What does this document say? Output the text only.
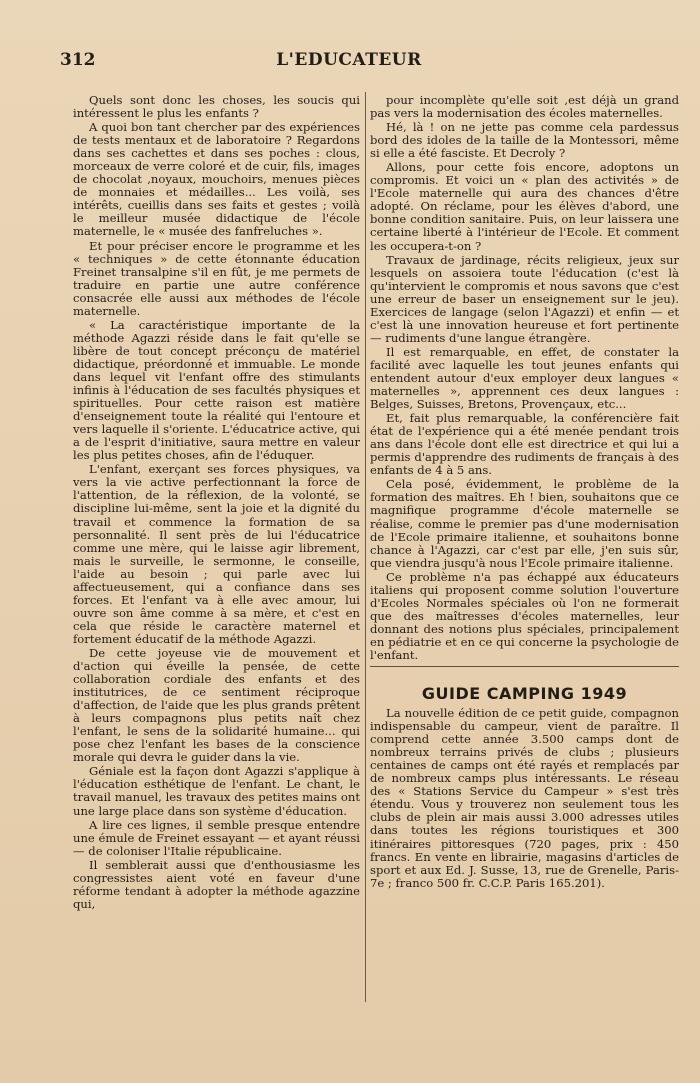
312	L'EDUCATEUR

Quels sont donc les choses, les soucis qui intéressent le plus les enfants ?

A quoi bon tant chercher par des expériences de tests mentaux et de laboratoire ? Regardons dans ses cachettes et dans ses poches : clous, morceaux de verre coloré et de cuir, fils, images de chocolat ,noyaux, mouchoirs, menues pièces de monnaies et médailles... Les voilà, ses intérêts, cueillis dans ses faits et gestes ; voilà le meilleur musée didactique de l'école maternelle, le « musée des fanfreluches ».

Et pour préciser encore le programme et les « techniques » de cette étonnante éducation Freinet transalpine s'il en fût, je me permets de traduire en partie une autre conférence consacrée elle aussi aux méthodes de l'école maternelle.

« La caractéristique importante de la méthode Agazzi réside dans le fait qu'elle se libère de tout concept préconçu de matériel didactique, préordonné et immuable. Le monde dans lequel vit l'enfant offre des stimulants infinis à l'éducation de ses facultés physiques et spirituelles. Pour cette raison est matière d'enseignement toute la réalité qui l'entoure et vers laquelle il s'oriente. L'éducatrice active, qui a de l'esprit d'initiative, saura mettre en valeur les plus petites choses, afin de l'éduquer.

L'enfant, exerçant ses forces physiques, va vers la vie active perfectionnant la force de l'attention, de la réflexion, de la volonté, se discipline lui-même, sent la joie et la dignité du travail et commence la formation de sa personnalité. Il sent près de lui l'éducatrice comme une mère, qui le laisse agir librement, mais le surveille, le sermonne, le conseille, l'aide au besoin ; qui parle avec lui affectueusement, qui a confiance dans ses forces. Et l'enfant va à elle avec amour, lui ouvre son âme comme à sa mère, et c'est en cela que réside le caractère maternel et fortement éducatif de la méthode Agazzi.

De cette joyeuse vie de mouvement et d'action qui éveille la pensée, de cette collaboration cordiale des enfants et des institutrices, de ce sentiment réciproque d'affection, de l'aide que les plus grands prêtent à leurs compagnons plus petits naît chez l'enfant, le sens de la solidarité humaine... qui pose chez l'enfant les bases de la conscience morale qui devra le guider dans la vie.

Géniale est la façon dont Agazzi s'applique à l'éducation esthétique de l'enfant. Le chant, le travail manuel, les travaux des petites mains ont une large place dans son système d'éducation.

A lire ces lignes, il semble presque entendre une émule de Freinet essayant — et ayant réussi — de coloniser l'Italie républicaine.

Il semblerait aussi que d'enthousiasme les congressistes aient voté en faveur d'une réforme tendant à adopter la méthode agazzine qui,

pour incomplète qu'elle soit ,est déjà un grand pas vers la modernisation des écoles maternelles.

Hé, là ! on ne jette pas comme cela pardessus bord des idoles de la taille de la Montessori, même si elle a été fasciste. Et Decroly ?

Allons, pour cette fois encore, adoptons un compromis. Et voici un « plan des activités » de l'Ecole maternelle qui aura des chances d'être adopté. On réclame, pour les élèves d'abord, une bonne condition sanitaire. Puis, on leur laissera une certaine liberté à l'intérieur de l'Ecole. Et comment les occupera-t-on ?

Travaux de jardinage, récits religieux, jeux sur lesquels on assoiera toute l'éducation (c'est là qu'intervient le compromis et nous savons que c'est une erreur de baser un enseignement sur le jeu). Exercices de langage (selon l'Agazzi) et enfin — et c'est là une innovation heureuse et fort pertinente — rudiments d'une langue étrangère.

Il est remarquable, en effet, de constater la facilité avec laquelle les tout jeunes enfants qui entendent autour d'eux employer deux langues « maternelles », apprennent ces deux langues : Belges, Suisses, Bretons, Provençaux, etc...

Et, fait plus remarquable, la conférencière fait état de l'expérience qui a été menée pendant trois ans dans l'école dont elle est directrice et qui lui a permis d'apprendre des rudiments de français à des enfants de 4 à 5 ans.

Cela posé, évidemment, le problème de la formation des maîtres. Eh ! bien, souhaitons que ce magnifique programme d'école maternelle se réalise, comme le premier pas d'une modernisation de l'Ecole primaire italienne, et souhaitons bonne chance à l'Agazzi, car c'est par elle, j'en suis sûr, que viendra jusqu'à nous l'Ecole primaire italienne.

Ce problème n'a pas échappé aux éducateurs italiens qui proposent comme solution l'ouverture d'Ecoles Normales spéciales où l'on ne formerait que des maîtresses d'écoles maternelles, leur donnant des notions plus spéciales, principalement en pédiatrie et en ce qui concerne la psychologie de l'enfant.

GUIDE CAMPING 1949

La nouvelle édition de ce petit guide, compagnon indispensable du campeur, vient de paraître. Il comprend cette année 3.500 camps dont de nombreux terrains privés de clubs ; plusieurs centaines de camps ont été rayés et remplacés par de nombreux camps plus intéressants. Le réseau des « Stations Service du Campeur » s'est très étendu. Vous y trouverez non seulement tous les clubs de plein air mais aussi 3.000 adresses utiles dans toutes les régions touristiques et 300 itinéraires pittoresques (720 pages, prix : 450 francs. En vente en librairie, magasins d'articles de sport et aux Ed. J. Susse, 13, rue de Grenelle, Paris-7e ; franco 500 fr. C.C.P. Paris 165.201).
